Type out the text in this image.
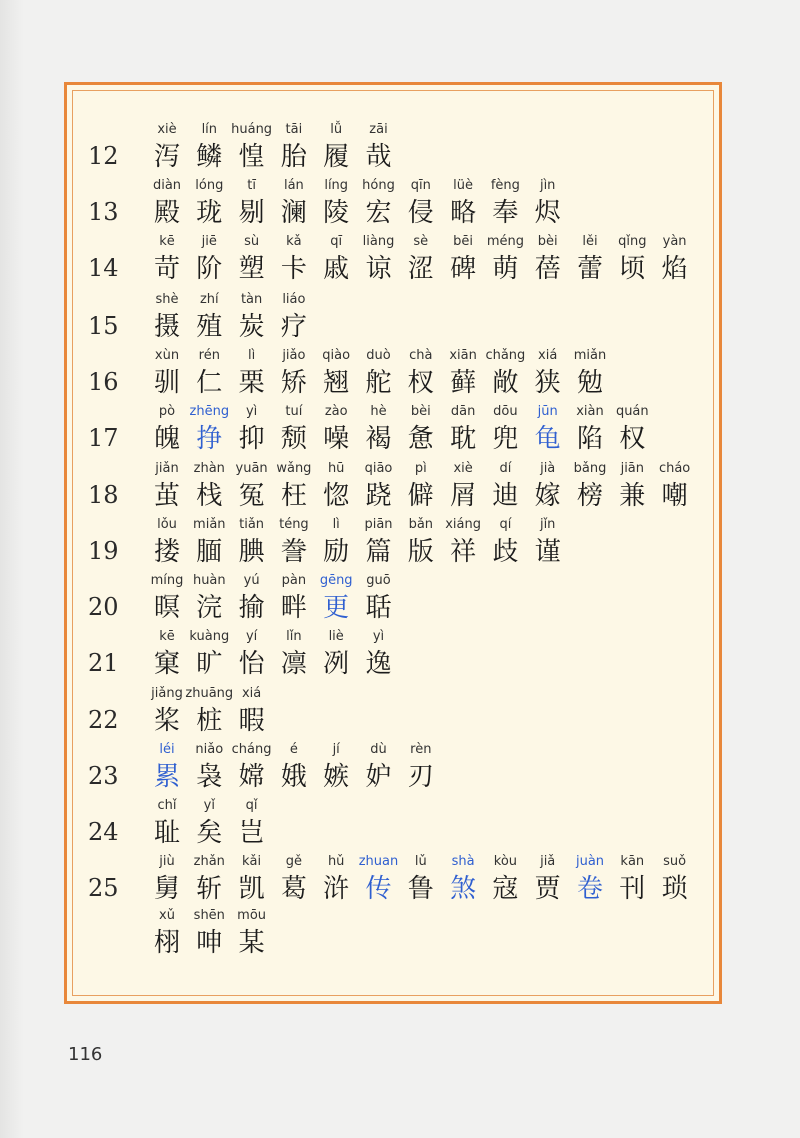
12
xiè
泻
lín
鳞
huáng
惶
tāi
胎
lǚ
履
zāi
哉
13
diàn
殿
lóng
珑
tī
剔
lán
澜
líng
陵
hóng
宏
qīn
侵
lüè
略
fèng
奉
jìn
烬
14
kē
苛
jiē
阶
sù
塑
kǎ
卡
qī
戚
liàng
谅
sè
涩
bēi
碑
méng
萌
bèi
蓓
lěi
蕾
qǐng
顷
yàn
焰
15
shè
摄
zhí
殖
tàn
炭
liáo
疗
16
xùn
驯
rén
仁
lì
栗
jiǎo
矫
qiào
翘
duò
舵
chà
杈
xiān
藓
chǎng
敞
xiá
狭
miǎn
勉
17
pò
魄
zhēng
挣
yì
抑
tuí
颓
zào
噪
hè
褐
bèi
惫
dān
耽
dōu
兜
jūn
龟
xiàn
陷
quán
权
18
jiǎn
茧
zhàn
栈
yuān
冤
wǎng
枉
hū
惚
qiāo
跷
pì
僻
xiè
屑
dí
迪
jià
嫁
bǎng
榜
jiān
兼
cháo
嘲
19
lǒu
搂
miǎn
腼
tiǎn
腆
téng
誊
lì
励
piān
篇
bǎn
版
xiáng
祥
qí
歧
jǐn
谨
20
míng
暝
huàn
浣
yú
揄
pàn
畔
gēng
更
guō
聒
21
kē
窠
kuàng
旷
yí
怡
lǐn
凛
liè
冽
yì
逸
22
jiǎng
桨
zhuāng
桩
xiá
暇
23
léi
累
niǎo
袅
cháng
嫦
é
娥
jí
嫉
dù
妒
rèn
刃
24
chǐ
耻
yǐ
矣
qǐ
岂
25
jiù
舅
zhǎn
斩
kǎi
凯
gě
葛
hǔ
浒
zhuan
传
lǔ
鲁
shà
煞
kòu
寇
jiǎ
贾
juàn
卷
kān
刊
suǒ
琐
xǔ
栩
shēn
呻
mōu
某
116
